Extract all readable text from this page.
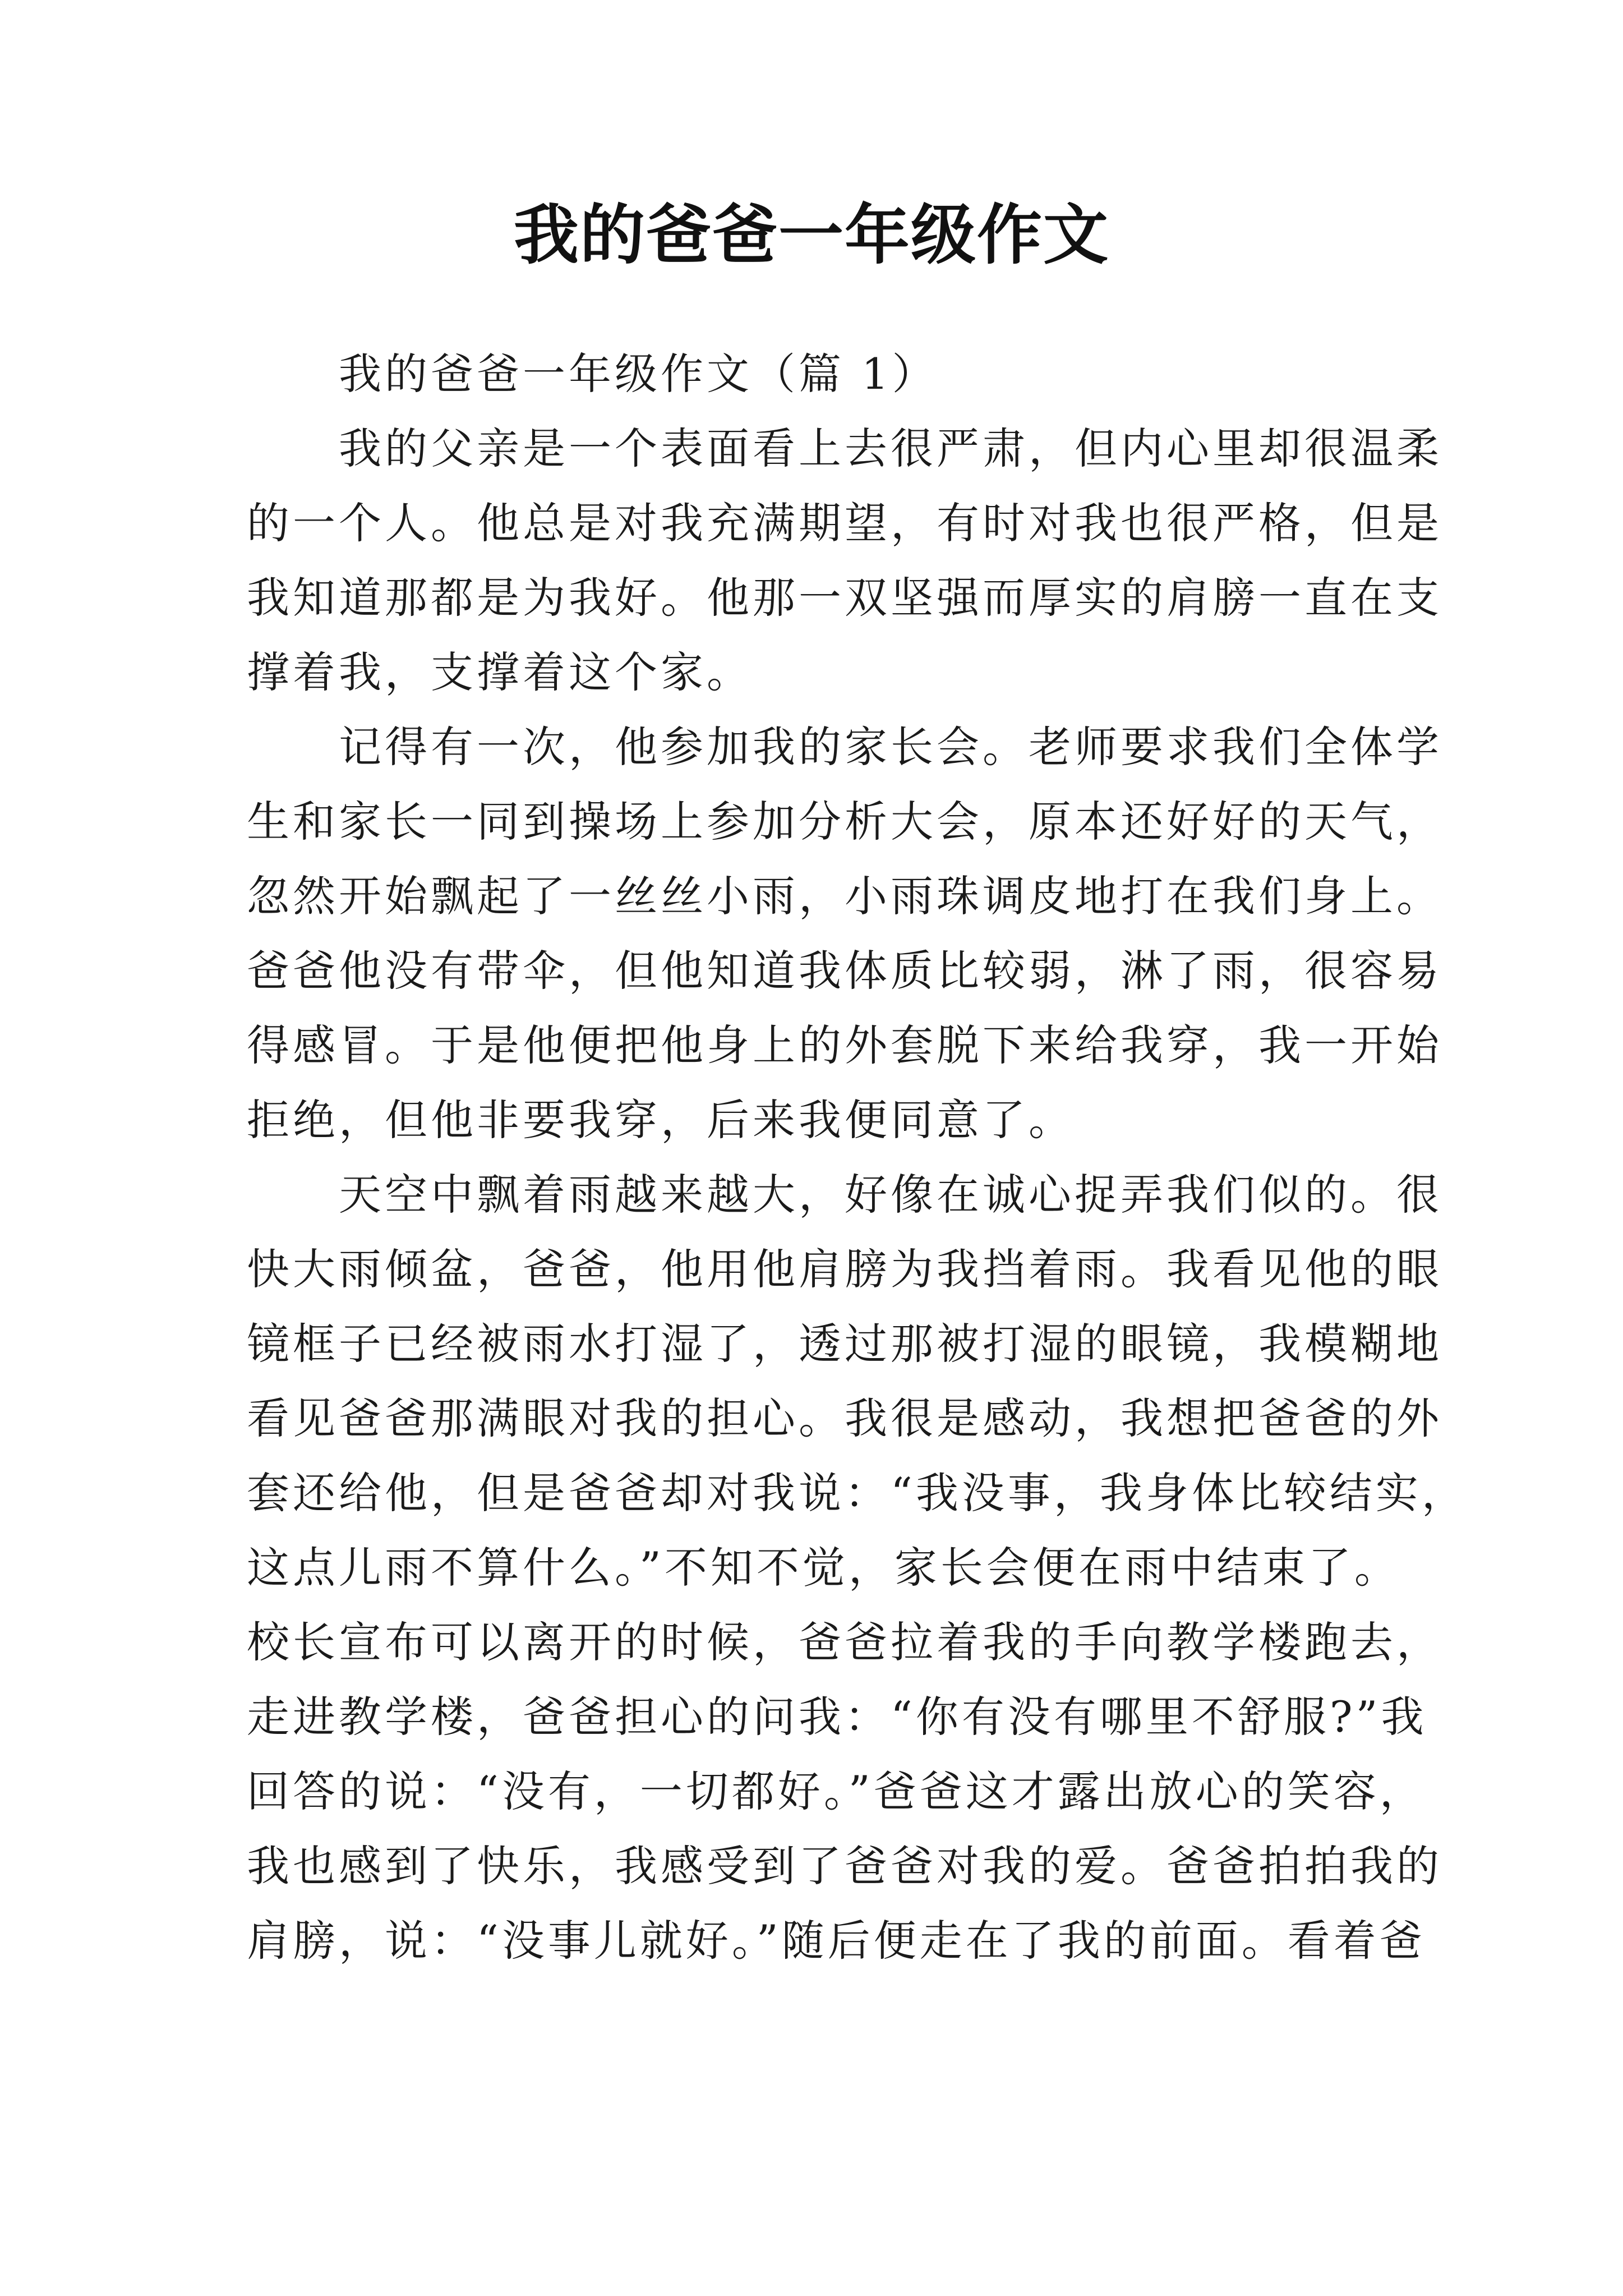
我的爸爸一年级作文
我的爸爸一年级作文（篇 1）
我的父亲是一个表面看上去很严肃，但内心里却很温柔
的一个人。他总是对我充满期望，有时对我也很严格，但是
我知道那都是为我好。他那一双坚强而厚实的肩膀一直在支
撑着我，支撑着这个家。
记得有一次，他参加我的家长会。老师要求我们全体学
生和家长一同到操场上参加分析大会，原本还好好的天气，
忽然开始飘起了一丝丝小雨，小雨珠调皮地打在我们身上。
爸爸他没有带伞，但他知道我体质比较弱，淋了雨，很容易
得感冒。于是他便把他身上的外套脱下来给我穿，我一开始
拒绝，但他非要我穿，后来我便同意了。
天空中飘着雨越来越大，好像在诚心捉弄我们似的。很
快大雨倾盆，爸爸，他用他肩膀为我挡着雨。我看见他的眼
镜框子已经被雨水打湿了，透过那被打湿的眼镜，我模糊地
看见爸爸那满眼对我的担心。我很是感动，我想把爸爸的外
套还给他，但是爸爸却对我说：“我没事，我身体比较结实，
这点儿雨不算什么。”不知不觉，家长会便在雨中结束了。
校长宣布可以离开的时候，爸爸拉着我的手向教学楼跑去，
走进教学楼，爸爸担心的问我：“你有没有哪里不舒服?”我
回答的说：“没有，一切都好。”爸爸这才露出放心的笑容，
我也感到了快乐，我感受到了爸爸对我的爱。爸爸拍拍我的
肩膀，说：“没事儿就好。”随后便走在了我的前面。看着爸
